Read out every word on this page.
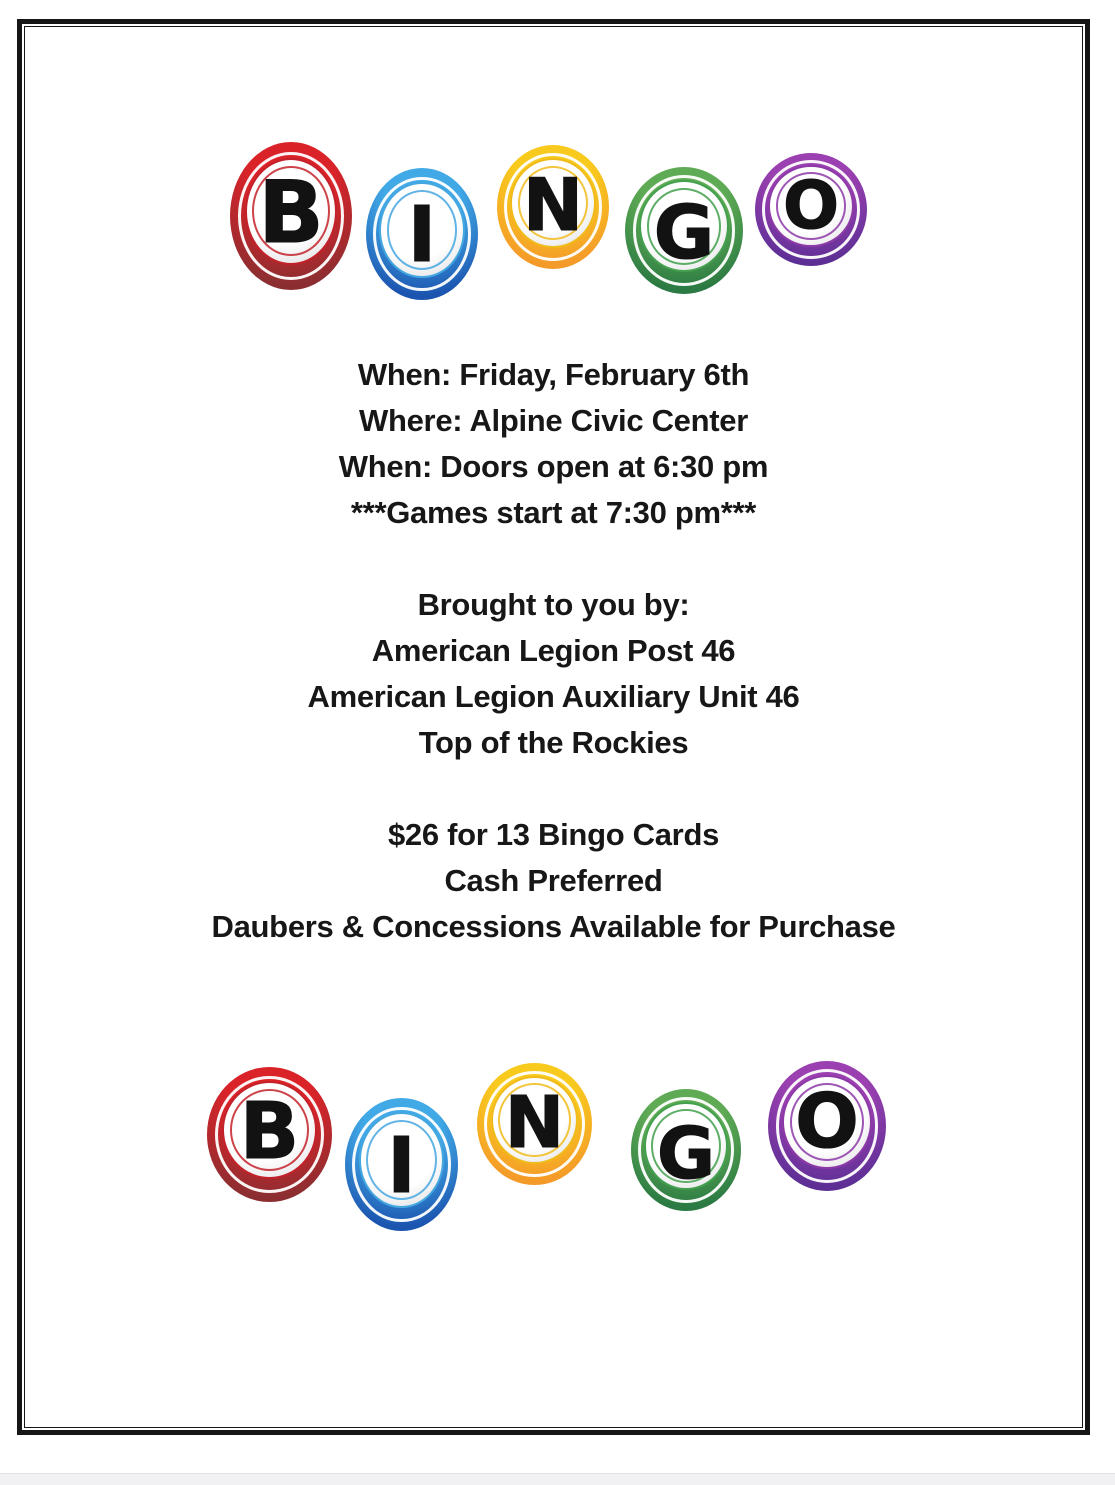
B I N G O
When: Friday, February 6th
Where: Alpine Civic Center
When: Doors open at 6:30 pm
***Games start at 7:30 pm***
Brought to you by:
American Legion Post 46
American Legion Auxiliary Unit 46
Top of the Rockies
$26 for 13 Bingo Cards
Cash Preferred
Daubers & Concessions Available for Purchase
B I N G O
